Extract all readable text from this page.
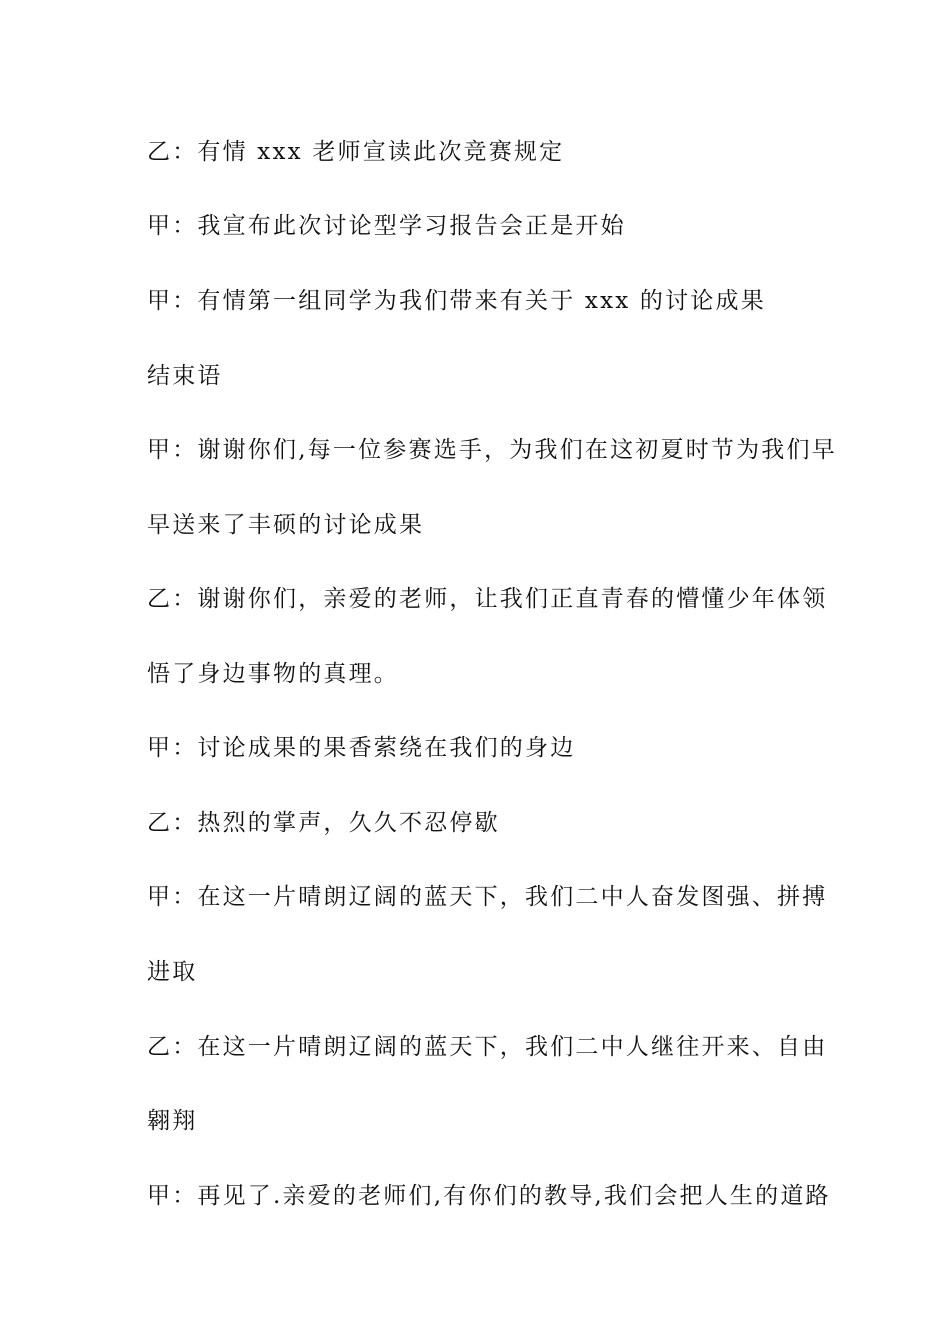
乙：有情 xxx 老师宣读此次竞赛规定
甲：我宣布此次讨论型学习报告会正是开始
甲：有情第一组同学为我们带来有关于 xxx 的讨论成果
结束语
甲：谢谢你们,每一位参赛选手，为我们在这初夏时节为我们早
早送来了丰硕的讨论成果
乙：谢谢你们，亲爱的老师，让我们正直青春的懵懂少年体领
悟了身边事物的真理。
甲：讨论成果的果香萦绕在我们的身边
乙：热烈的掌声，久久不忍停歇
甲：在这一片晴朗辽阔的蓝天下，我们二中人奋发图强、拼搏
进取
乙：在这一片晴朗辽阔的蓝天下，我们二中人继往开来、自由
翱翔
甲：再见了.亲爱的老师们,有你们的教导,我们会把人生的道路
